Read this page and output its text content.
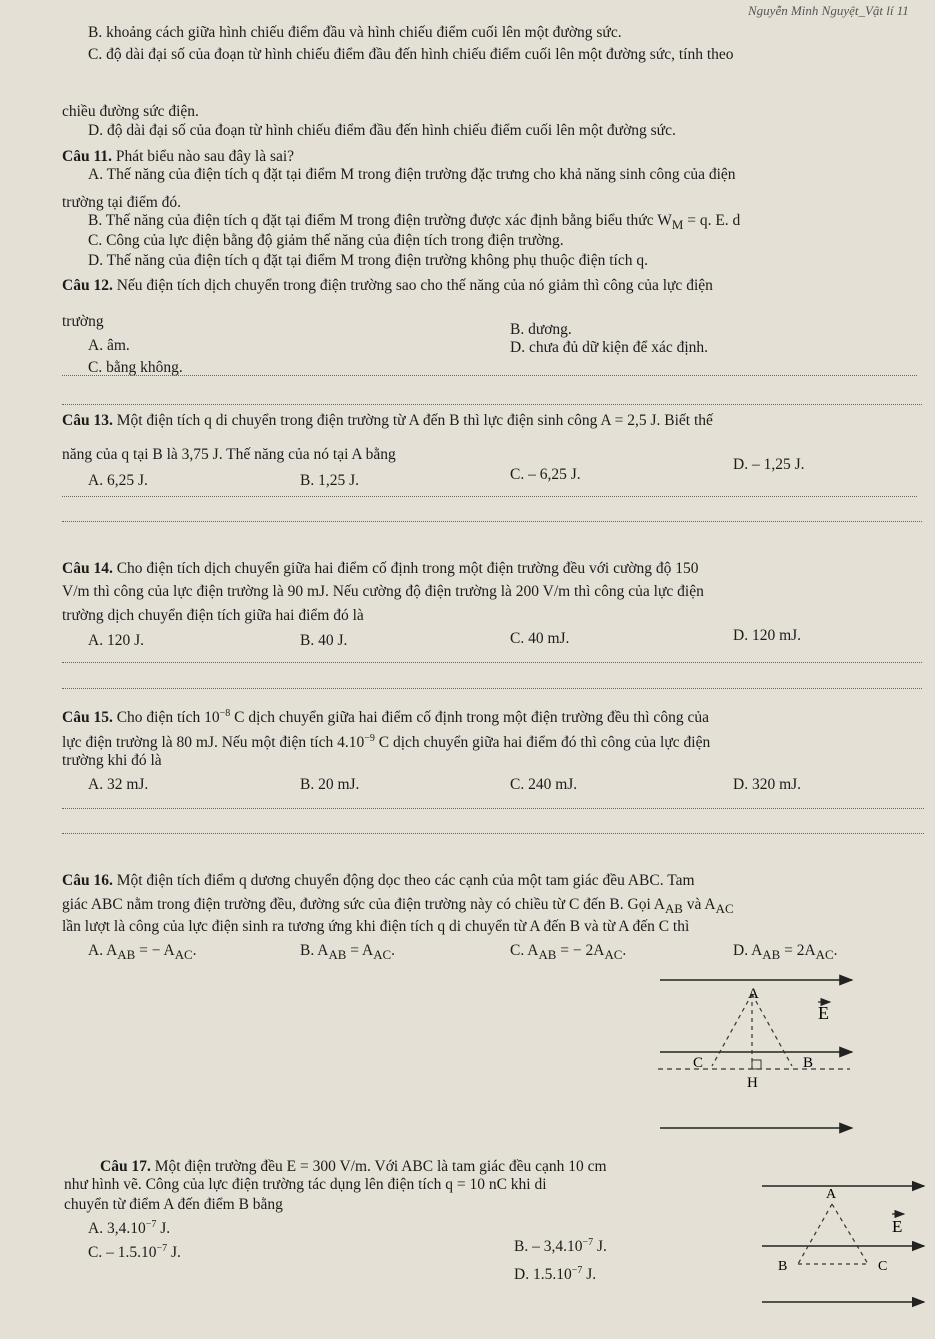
Nguyễn Minh Nguyệt_Vật lí 11
B. khoảng cách giữa hình chiếu điểm đầu và hình chiếu điểm cuối lên một đường sức.
C. độ dài đại số của đoạn từ hình chiếu điểm đầu đến hình chiếu điểm cuối lên một đường sức, tính theo
chiều đường sức điện.
D. độ dài đại số của đoạn từ hình chiếu điểm đầu đến hình chiếu điểm cuối lên một đường sức.
Câu 11. Phát biểu nào sau đây là sai?
A. Thế năng của điện tích q đặt tại điểm M trong điện trường đặc trưng cho khả năng sinh công của điện
trường tại điểm đó.
B. Thế năng của điện tích q đặt tại điểm M trong điện trường được xác định bằng biểu thức $W_M = q$. E. d
C. Công của lực điện bằng độ giảm thế năng của điện tích trong điện trường.
D. Thế năng của điện tích q đặt tại điểm M trong điện trường không phụ thuộc điện tích q.
Câu 12. Nếu điện tích dịch chuyển trong điện trường sao cho thế năng của nó giảm thì công của lực điện
trường
A. âm.
B. dương.
C. bằng không.
D. chưa đủ dữ kiện để xác định.
Câu 13. Một điện tích q di chuyển trong điện trường từ A đến B thì lực điện sinh công A = 2,5 J. Biết thế
năng của q tại B là 3,75 J. Thế năng của nó tại A bằng
A. 6,25 J.	B. 1,25 J.	C. – 6,25 J.
D. – 1,25 J.
Câu 14. Cho điện tích dịch chuyển giữa hai điểm cố định trong một điện trường đều với cường độ 150
V/m thì công của lực điện trường là 90 mJ. Nếu cường độ điện trường là 200 V/m thì công của lực điện
trường dịch chuyển điện tích giữa hai điểm đó là
A. 120 J.	B. 40 J.	C. 40 mJ.	D. 120 mJ.
Câu 15. Cho điện tích $10^{-8}$ C dịch chuyển giữa hai điểm cố định trong một điện trường đều thì công của
lực điện trường là 80 mJ. Nếu một điện tích $4.10^{-9}$ C dịch chuyển giữa hai điểm đó thì công của lực điện
trường khi đó là
A. 32 mJ.	B. 20 mJ.	C. 240 mJ.	D. 320 mJ.
Câu 16. Một điện tích điểm q dương chuyển động dọc theo các cạnh của một tam giác đều ABC. Tam
giác ABC nằm trong điện trường đều, đường sức của điện trường này có chiều từ C đến B. Gọi $A_{AB}$ và $A_{AC}$
lần lượt là công của lực điện sinh ra tương ứng khi điện tích q di chuyển từ A đến B và từ A đến C thì
A. $A_{AB}$ = − $A_{AC}$.	B. $A_{AB} = A_{AC}$.	C. $A_{AB}$ = − $2A_{AC}$.	D. $A_{AB} = 2A_{AC}$.
A
C	B
H
E
Câu 17. Một điện trường đều E = 300 V/m. Với ABC là tam giác đều cạnh 10 cm
như hình vẽ. Công của lực điện trường tác dụng lên điện tích q = 10 nC khi di
chuyển từ điểm A đến điểm B bằng
A. $3,4.10^{-7}$ J.
B. – $3,4.10^{-7}$ J.
C. – $1.5.10^{-7}$ J.
D. $1.5.10^{-7}$ J.
A
B	C
E
